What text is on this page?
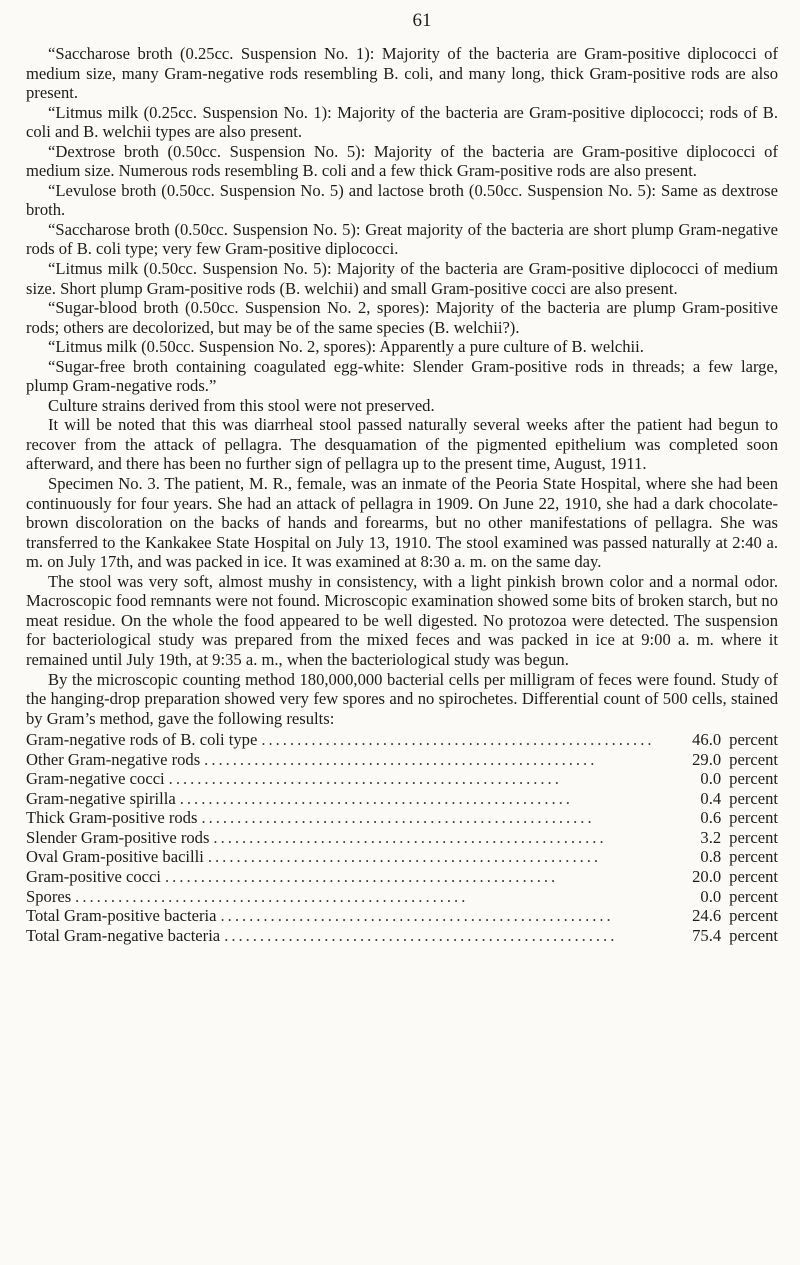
61

“Saccharose broth (0.25cc. Suspension No. 1): Majority of the bacteria are Gram-positive diplococci of medium size, many Gram-negative rods resembling B. coli, and many long, thick Gram-positive rods are also present.

“Litmus milk (0.25cc. Suspension No. 1): Majority of the bacteria are Gram-positive diplococci; rods of B. coli and B. welchii types are also present.

“Dextrose broth (0.50cc. Suspension No. 5): Majority of the bacteria are Gram-positive diplococci of medium size. Numerous rods resembling B. coli and a few thick Gram-positive rods are also present.

“Levulose broth (0.50cc. Suspension No. 5) and lactose broth (0.50cc. Suspension No. 5): Same as dextrose broth.

“Saccharose broth (0.50cc. Suspension No. 5): Great majority of the bacteria are short plump Gram-negative rods of B. coli type; very few Gram-positive diplococci.

“Litmus milk (0.50cc. Suspension No. 5): Majority of the bacteria are Gram-positive diplococci of medium size. Short plump Gram-positive rods (B. welchii) and small Gram-positive cocci are also present.

“Sugar-blood broth (0.50cc. Suspension No. 2, spores): Majority of the bacteria are plump Gram-positive rods; others are decolorized, but may be of the same species (B. welchii?).

“Litmus milk (0.50cc. Suspension No. 2, spores): Apparently a pure culture of B. welchii.

“Sugar-free broth containing coagulated egg-white: Slender Gram-positive rods in threads; a few large, plump Gram-negative rods.”

Culture strains derived from this stool were not preserved.

It will be noted that this was diarrheal stool passed naturally several weeks after the patient had begun to recover from the attack of pellagra. The desquamation of the pigmented epithelium was completed soon afterward, and there has been no further sign of pellagra up to the present time, August, 1911.

Specimen No. 3. The patient, M. R., female, was an inmate of the Peoria State Hospital, where she had been continuously for four years. She had an attack of pellagra in 1909. On June 22, 1910, she had a dark chocolate-brown discoloration on the backs of hands and forearms, but no other manifestations of pellagra. She was transferred to the Kankakee State Hospital on July 13, 1910. The stool examined was passed naturally at 2:40 a. m. on July 17th, and was packed in ice. It was examined at 8:30 a. m. on the same day.

The stool was very soft, almost mushy in consistency, with a light pinkish brown color and a normal odor. Macroscopic food remnants were not found. Microscopic examination showed some bits of broken starch, but no meat residue. On the whole the food appeared to be well digested. No protozoa were detected. The suspension for bacteriological study was prepared from the mixed feces and was packed in ice at 9:00 a. m. where it remained until July 19th, at 9:35 a. m., when the bacteriological study was begun.

By the microscopic counting method 180,000,000 bacterial cells per milligram of feces were found. Study of the hanging-drop preparation showed very few spores and no spirochetes. Differential count of 500 cells, stained by Gram’s method, gave the following results:

Gram-negative rods of B. coli type .......................................................	46.0	percent
Other Gram-negative rods .......................................................	29.0	percent
Gram-negative cocci .......................................................	0.0	percent
Gram-negative spirilla .......................................................	0.4	percent
Thick Gram-positive rods .......................................................	0.6	percent
Slender Gram-positive rods .......................................................	3.2	percent
Oval Gram-positive bacilli .......................................................	0.8	percent
Gram-positive cocci .......................................................	20.0	percent
Spores .......................................................	0.0	percent
Total Gram-positive bacteria .......................................................	24.6	percent
Total Gram-negative bacteria .......................................................	75.4	percent
